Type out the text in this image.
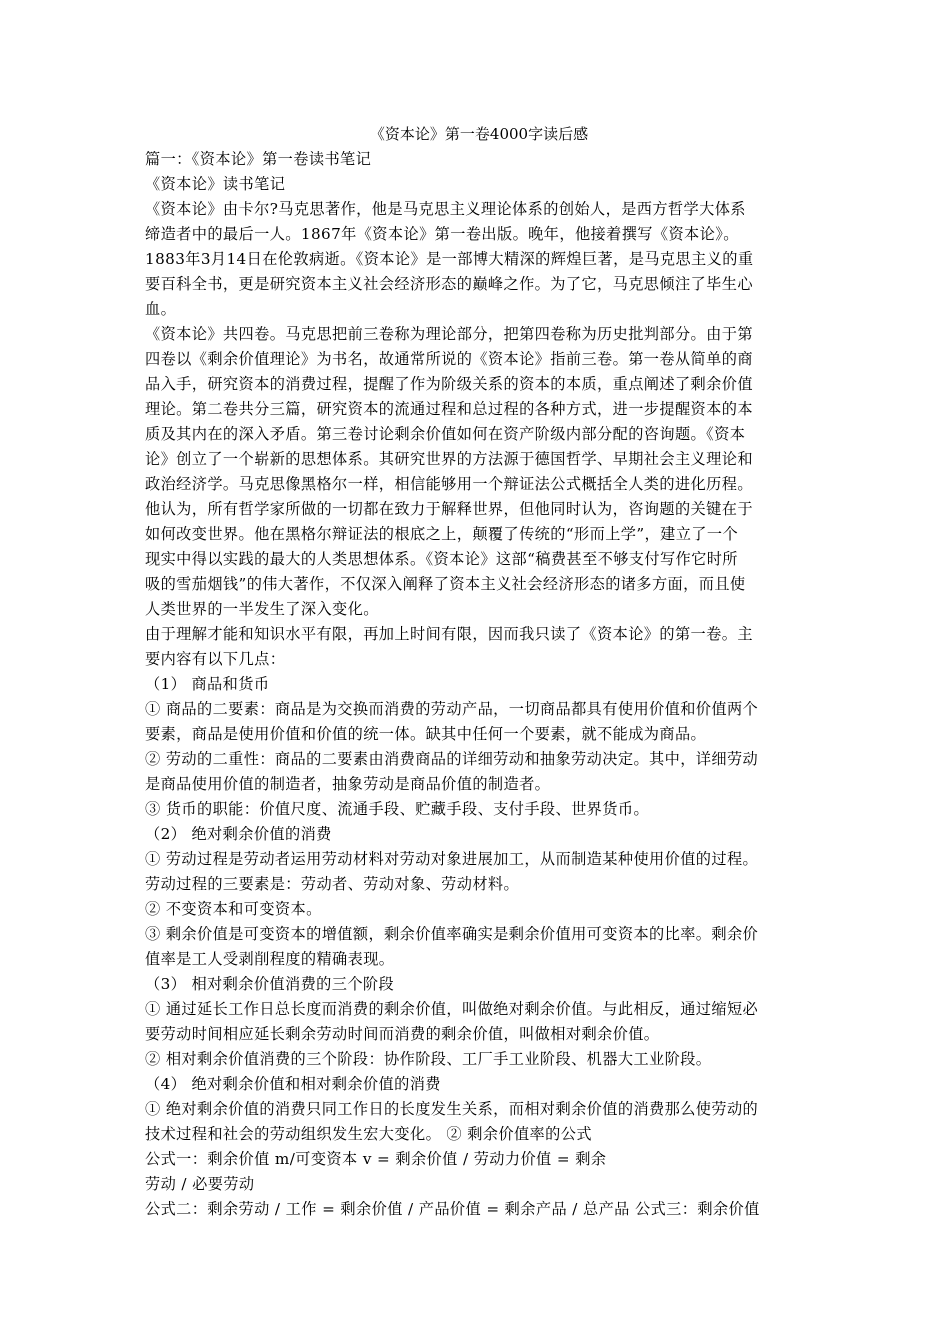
《资本论》第一卷4000字读后感
篇一：《资本论》第一卷读书笔记
《资本论》读书笔记
《资本论》由卡尔?马克思著作，他是马克思主义理论体系的创始人，是西方哲学大体系
缔造者中的最后一人。1867年《资本论》第一卷出版。晚年，他接着撰写《资本论》。
1883年3月14日在伦敦病逝。《资本论》是一部博大精深的辉煌巨著，是马克思主义的重
要百科全书，更是研究资本主义社会经济形态的巅峰之作。为了它，马克思倾注了毕生心
血。
《资本论》共四卷。马克思把前三卷称为理论部分，把第四卷称为历史批判部分。由于第
四卷以《剩余价值理论》为书名，故通常所说的《资本论》指前三卷。第一卷从简单的商
品入手，研究资本的消费过程，提醒了作为阶级关系的资本的本质，重点阐述了剩余价值
理论。第二卷共分三篇，研究资本的流通过程和总过程的各种方式，进一步提醒资本的本
质及其内在的深入矛盾。第三卷讨论剩余价值如何在资产阶级内部分配的咨询题。《资本
论》创立了一个崭新的思想体系。其研究世界的方法源于德国哲学、早期社会主义理论和
政治经济学。马克思像黑格尔一样，相信能够用一个辩证法公式概括全人类的进化历程。
他认为，所有哲学家所做的一切都在致力于解释世界，但他同时认为，咨询题的关键在于
如何改变世界。他在黑格尔辩证法的根底之上，颠覆了传统的“形而上学”，建立了一个
现实中得以实践的最大的人类思想体系。《资本论》这部“稿费甚至不够支付写作它时所
吸的雪茄烟钱”的伟大著作，不仅深入阐释了资本主义社会经济形态的诸多方面，而且使
人类世界的一半发生了深入变化。
由于理解才能和知识水平有限，再加上时间有限，因而我只读了《资本论》的第一卷。主
要内容有以下几点：
（1） 商品和货币
① 商品的二要素：商品是为交换而消费的劳动产品，一切商品都具有使用价值和价值两个
要素，商品是使用价值和价值的统一体。缺其中任何一个要素，就不能成为商品。
② 劳动的二重性：商品的二要素由消费商品的详细劳动和抽象劳动决定。其中，详细劳动
是商品使用价值的制造者，抽象劳动是商品价值的制造者。
③ 货币的职能：价值尺度、流通手段、贮藏手段、支付手段、世界货币。
（2） 绝对剩余价值的消费
① 劳动过程是劳动者运用劳动材料对劳动对象进展加工，从而制造某种使用价值的过程。
劳动过程的三要素是：劳动者、劳动对象、劳动材料。
② 不变资本和可变资本。
③ 剩余价值是可变资本的增值额，剩余价值率确实是剩余价值用可变资本的比率。剩余价
值率是工人受剥削程度的精确表现。
（3） 相对剩余价值消费的三个阶段
① 通过延长工作日总长度而消费的剩余价值，叫做绝对剩余价值。与此相反，通过缩短必
要劳动时间相应延长剩余劳动时间而消费的剩余价值，叫做相对剩余价值。
② 相对剩余价值消费的三个阶段：协作阶段、工厂手工业阶段、机器大工业阶段。
（4） 绝对剩余价值和相对剩余价值的消费
① 绝对剩余价值的消费只同工作日的长度发生关系，而相对剩余价值的消费那么使劳动的
技术过程和社会的劳动组织发生宏大变化。 ② 剩余价值率的公式
公式一：剩余价值 m/可变资本 v = 剩余价值 / 劳动力价值 = 剩余
劳动 / 必要劳动
公式二：剩余劳动 / 工作 = 剩余价值 / 产品价值 = 剩余产品 / 总产品 公式三：剩余价值
